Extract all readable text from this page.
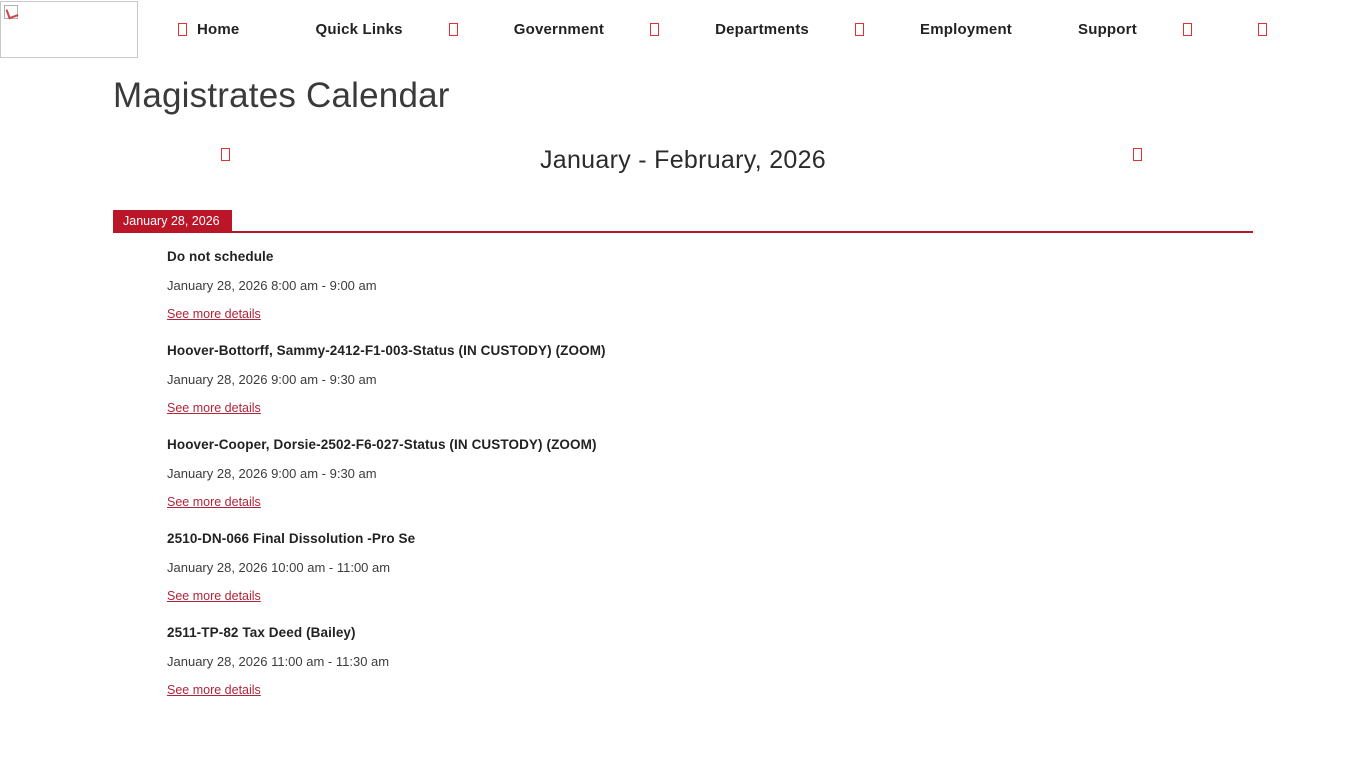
Home	Quick Links	Government	Departments	Employment	Support
Magistrates Calendar
January - February, 2026
January 28, 2026
Do not schedule
January 28, 2026 8:00 am - 9:00 am
See more details
Hoover-Bottorff, Sammy-2412-F1-003-Status (IN CUSTODY) (ZOOM)
January 28, 2026 9:00 am - 9:30 am
See more details
Hoover-Cooper, Dorsie-2502-F6-027-Status (IN CUSTODY) (ZOOM)
January 28, 2026 9:00 am - 9:30 am
See more details
2510-DN-066 Final Dissolution -Pro Se
January 28, 2026 10:00 am - 11:00 am
See more details
2511-TP-82 Tax Deed (Bailey)
January 28, 2026 11:00 am - 11:30 am
See more details
